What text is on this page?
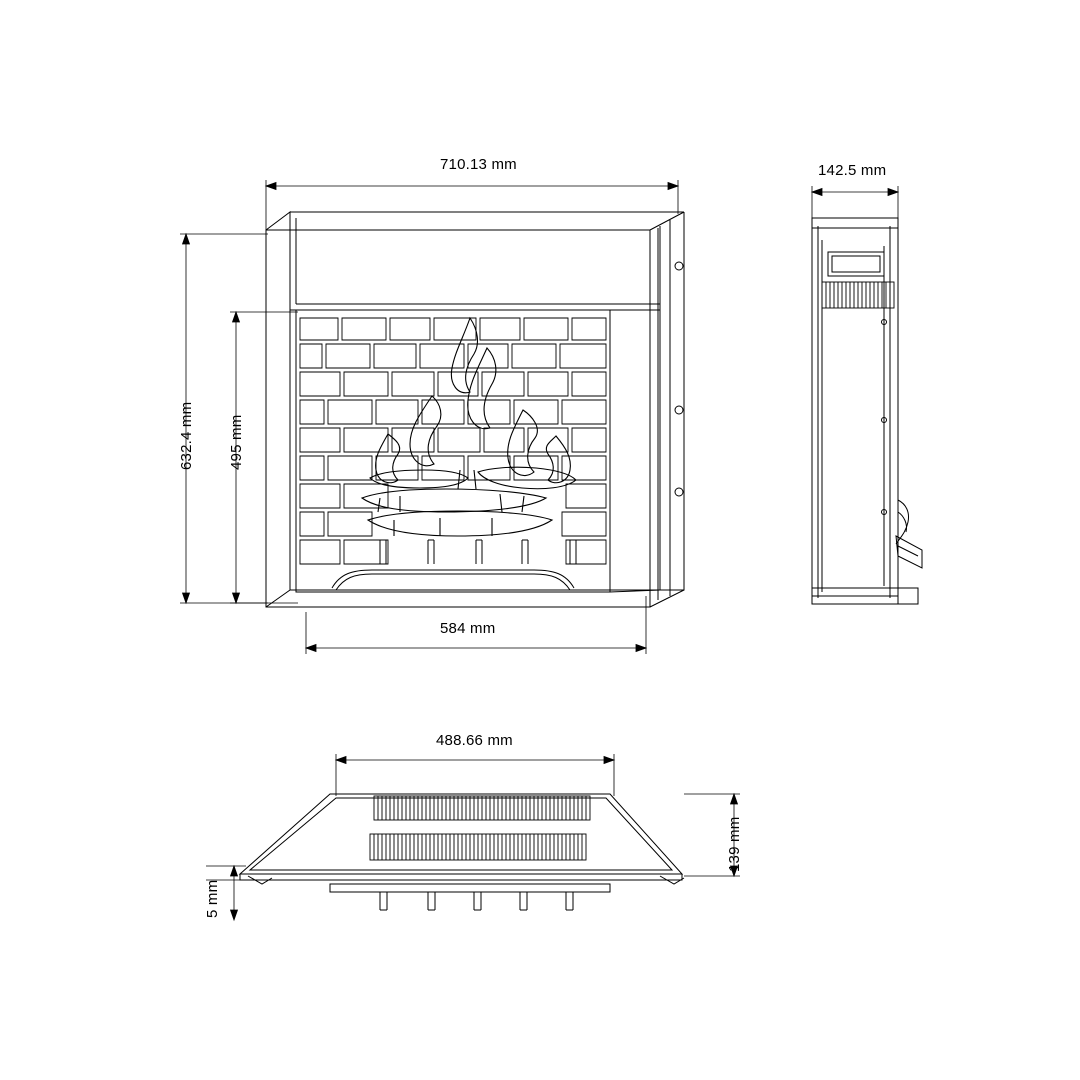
710.13 mm
632.4 mm 495 mm
584 mm
142.5 mm
488.66 mm
139 mm
5 mm
